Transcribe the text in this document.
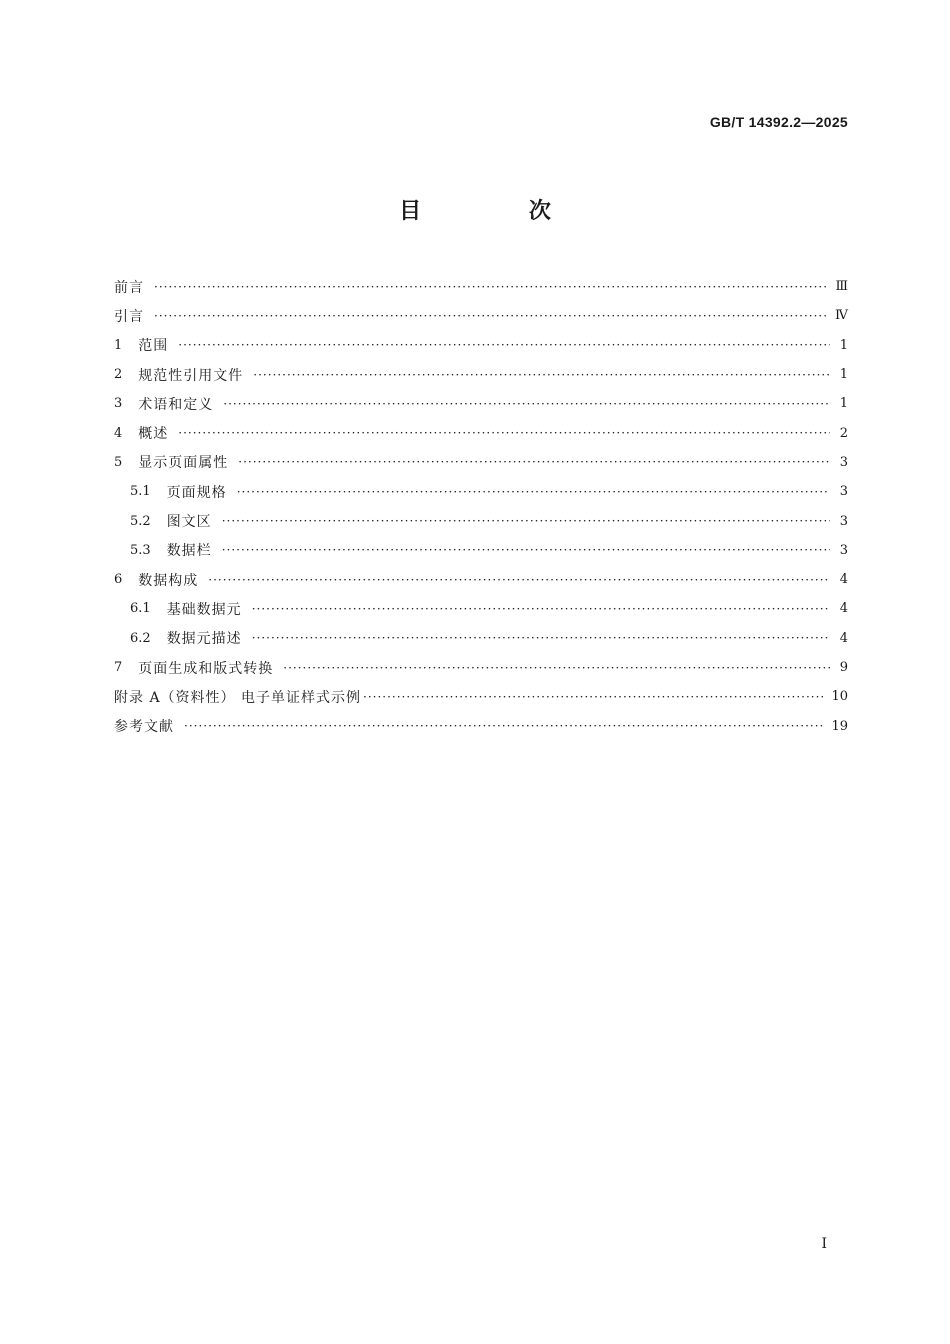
GB/T 14392.2—2025
目 次
前言 ·····	Ⅲ
引言 ·····	Ⅳ
1 范围 ·····	1
2 规范性引用文件 ·····	1
3 术语和定义 ·····	1
4 概述 ·····	2
5 显示页面属性 ·····	3
5.1 页面规格 ·····	3
5.2 图文区 ·····	3
5.3 数据栏 ·····	3
6 数据构成 ·····	4
6.1 基础数据元 ·····	4
6.2 数据元描述 ·····	4
7 页面生成和版式转换 ·····	9
附录 A（资料性） 电子单证样式示例 ·····	10
参考文献 ·····	19
I
